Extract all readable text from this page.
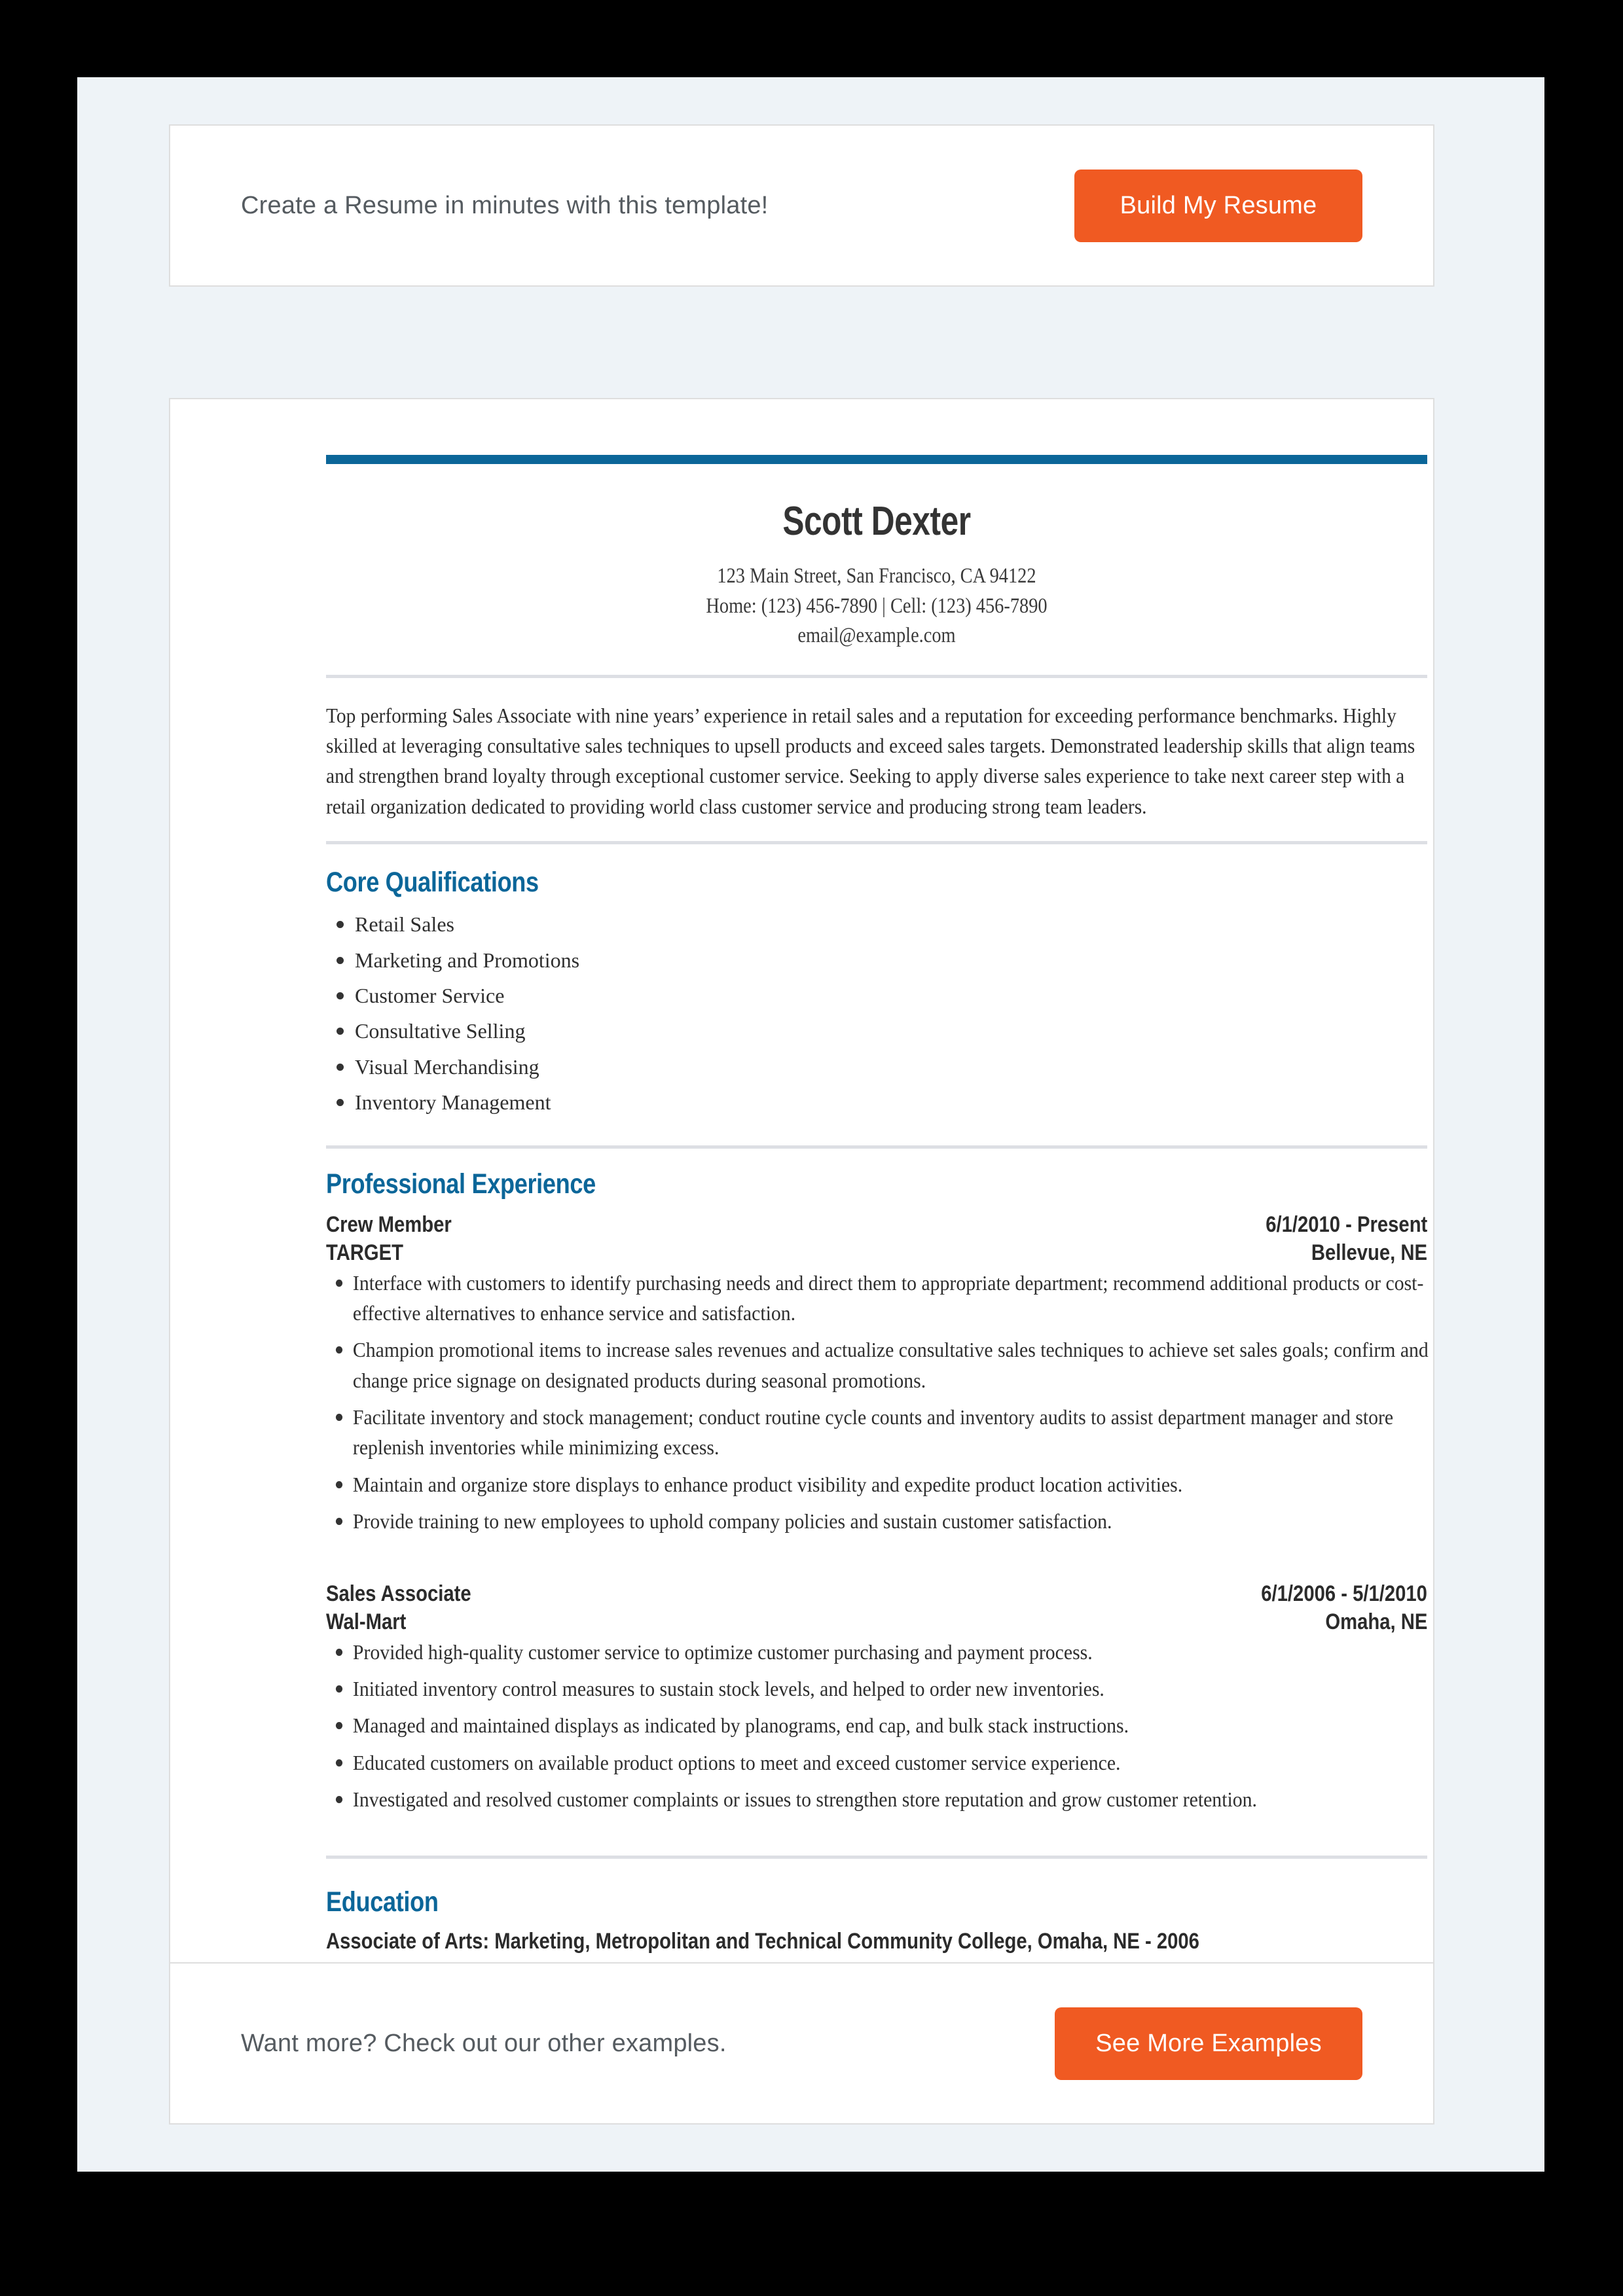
Create a Resume in minutes with this template!	Build My Resume
Scott Dexter
123 Main Street, San Francisco, CA 94122
Home: (123) 456-7890 | Cell: (123) 456-7890
email@example.com
Top performing Sales Associate with nine years’ experience in retail sales and a reputation for exceeding performance benchmarks. Highly skilled at leveraging consultative sales techniques to upsell products and exceed sales targets. Demonstrated leadership skills that align teams and strengthen brand loyalty through exceptional customer service. Seeking to apply diverse sales experience to take next career step with a retail organization dedicated to providing world class customer service and producing strong team leaders.
Core Qualifications
Retail Sales
Marketing and Promotions
Customer Service
Consultative Selling
Visual Merchandising
Inventory Management
Professional Experience
Crew Member	6/1/2010 - Present
TARGET	Bellevue, NE
Interface with customers to identify purchasing needs and direct them to appropriate department; recommend additional products or cost-effective alternatives to enhance service and satisfaction.
Champion promotional items to increase sales revenues and actualize consultative sales techniques to achieve set sales goals; confirm and change price signage on designated products during seasonal promotions.
Facilitate inventory and stock management; conduct routine cycle counts and inventory audits to assist department manager and store replenish inventories while minimizing excess.
Maintain and organize store displays to enhance product visibility and expedite product location activities.
Provide training to new employees to uphold company policies and sustain customer satisfaction.
Sales Associate	6/1/2006 - 5/1/2010
Wal-Mart	Omaha, NE
Provided high-quality customer service to optimize customer purchasing and payment process.
Initiated inventory control measures to sustain stock levels, and helped to order new inventories.
Managed and maintained displays as indicated by planograms, end cap, and bulk stack instructions.
Educated customers on available product options to meet and exceed customer service experience.
Investigated and resolved customer complaints or issues to strengthen store reputation and grow customer retention.
Education
Associate of Arts: Marketing, Metropolitan and Technical Community College, Omaha, NE - 2006
Want more? Check out our other examples.	See More Examples
